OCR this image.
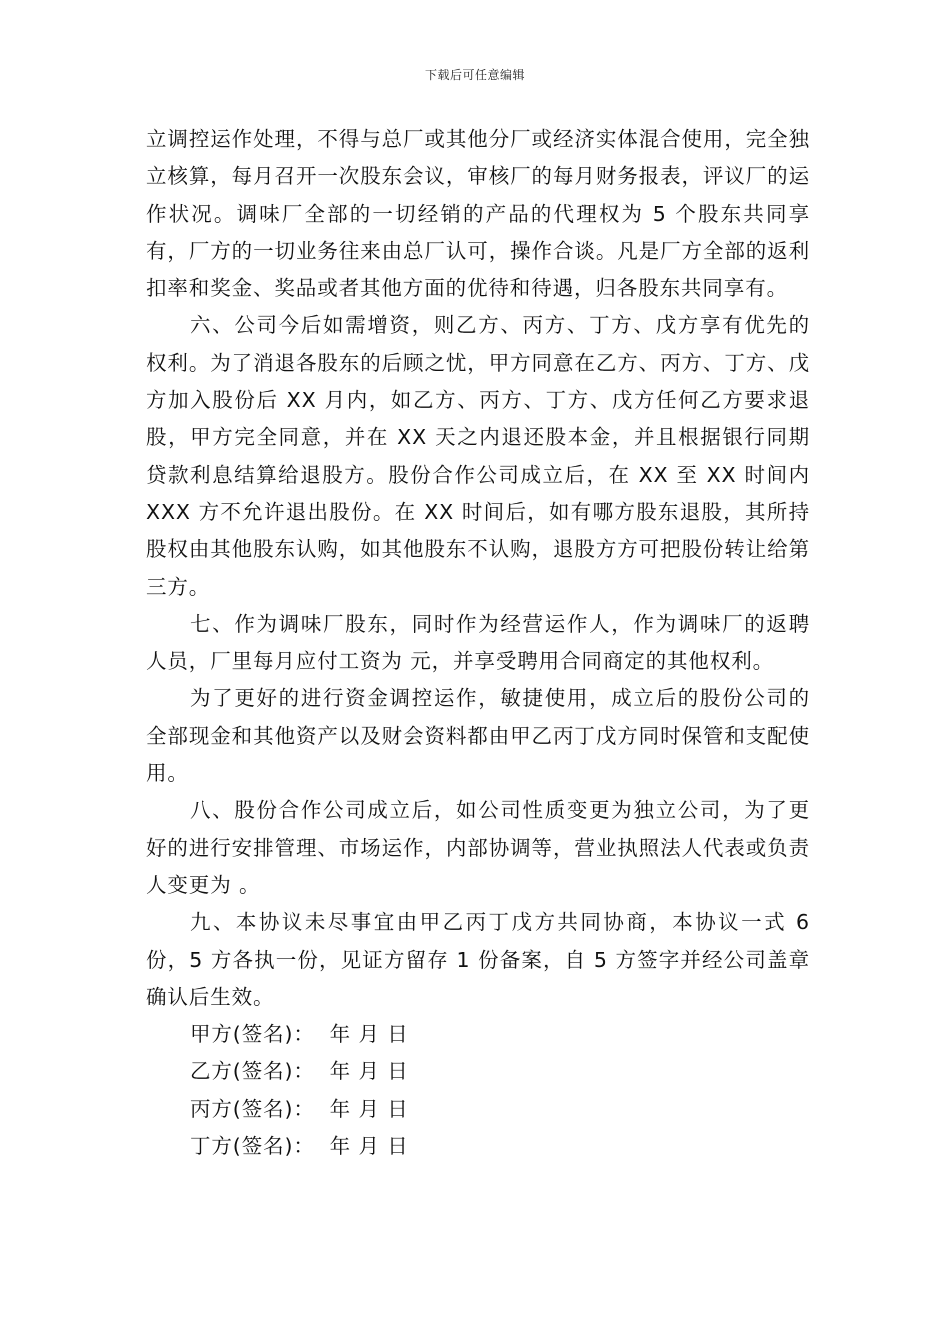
下载后可任意编辑

立调控运作处理，不得与总厂或其他分厂或经济实体混合使用，完全独立核算，每月召开一次股东会议，审核厂的每月财务报表，评议厂的运作状况。调味厂全部的一切经销的产品的代理权为 5 个股东共同享有，厂方的一切业务往来由总厂认可，操作合谈。凡是厂方全部的返利扣率和奖金、奖品或者其他方面的优待和待遇，归各股东共同享有。

六、公司今后如需增资，则乙方、丙方、丁方、戊方享有优先的权利。为了消退各股东的后顾之忧，甲方同意在乙方、丙方、丁方、戊方加入股份后 XX 月内，如乙方、丙方、丁方、戊方任何乙方要求退股，甲方完全同意，并在 XX 天之内退还股本金，并且根据银行同期贷款利息结算给退股方。股份合作公司成立后，在 XX 至 XX 时间内 XXX 方不允许退出股份。在 XX 时间后，如有哪方股东退股，其所持股权由其他股东认购，如其他股东不认购，退股方方可把股份转让给第三方。

七、作为调味厂股东，同时作为经营运作人，作为调味厂的返聘人员，厂里每月应付工资为 元，并享受聘用合同商定的其他权利。

为了更好的进行资金调控运作，敏捷使用，成立后的股份公司的全部现金和其他资产以及财会资料都由甲乙丙丁戊方同时保管和支配使用。

八、股份合作公司成立后，如公司性质变更为独立公司，为了更好的进行安排管理、市场运作，内部协调等，营业执照法人代表或负责人变更为 。

九、本协议未尽事宜由甲乙丙丁戊方共同协商，本协议一式 6 份，5 方各执一份，见证方留存 1 份备案，自 5 方签字并经公司盖章确认后生效。

甲方(签名)：  年 月 日

乙方(签名)：  年 月 日

丙方(签名)：  年 月 日

丁方(签名)：  年 月 日
